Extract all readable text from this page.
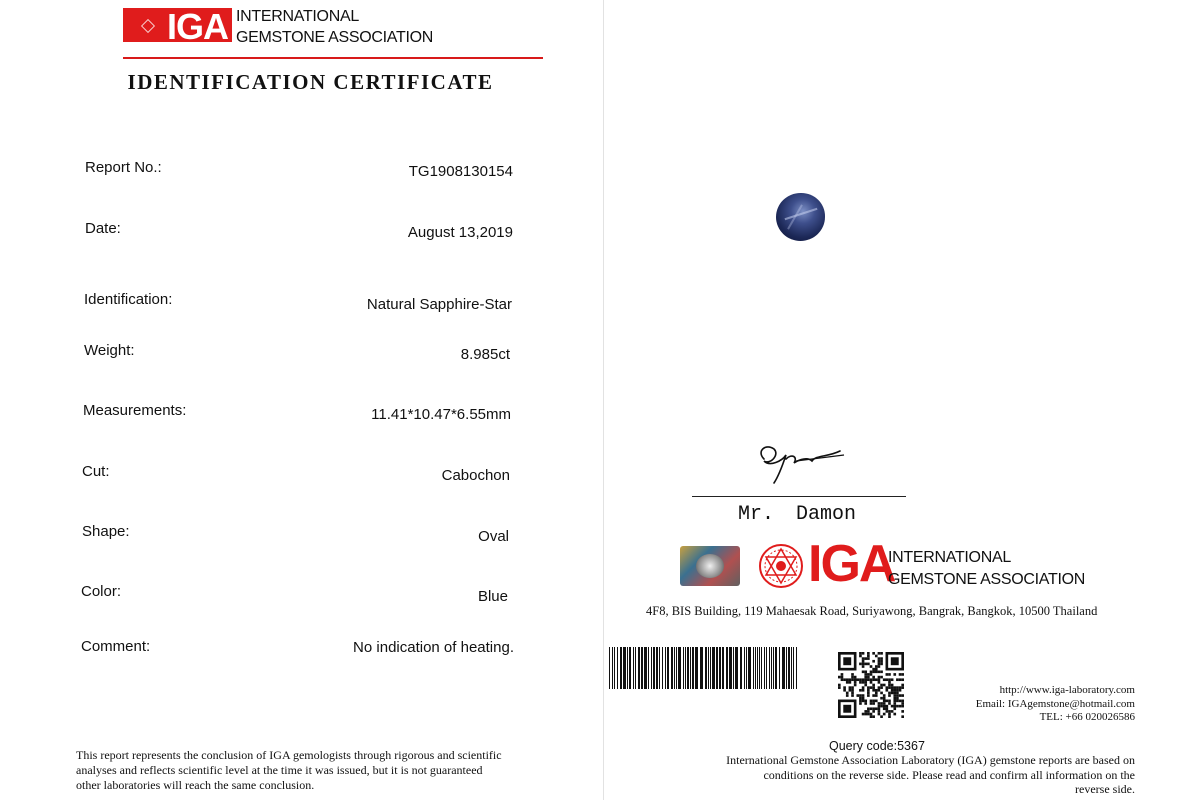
IGA INTERNATIONAL
GEMSTONE ASSOCIATION
IDENTIFICATION CERTIFICATE
Report No.:	TG1908130154
Date:	August 13,2019
Identification:	Natural Sapphire-Star
Weight:	8.985ct
Measurements:	11.41*10.47*6.55mm
Cut:	Cabochon
Shape:	Oval
Color:	Blue
Comment:	No indication of heating.
This report represents the conclusion of IGA gemologists through rigorous and scientific
analyses and reflects scientific level at the time it was issued, but it is not guaranteed
other laboratories will reach the same conclusion.
Mr. Damon
IGA
INTERNATIONAL
GEMSTONE ASSOCIATION
4F8, BIS Building, 119 Mahaesak Road, Suriyawong, Bangrak, Bangkok, 10500 Thailand
http://www.iga-laboratory.com
Email: IGAgemstone@hotmail.com
TEL: +66 020026586
Query code:5367
International Gemstone Association Laboratory (IGA) gemstone reports are based on
conditions on the reverse side. Please read and confirm all information on the
reverse side.
